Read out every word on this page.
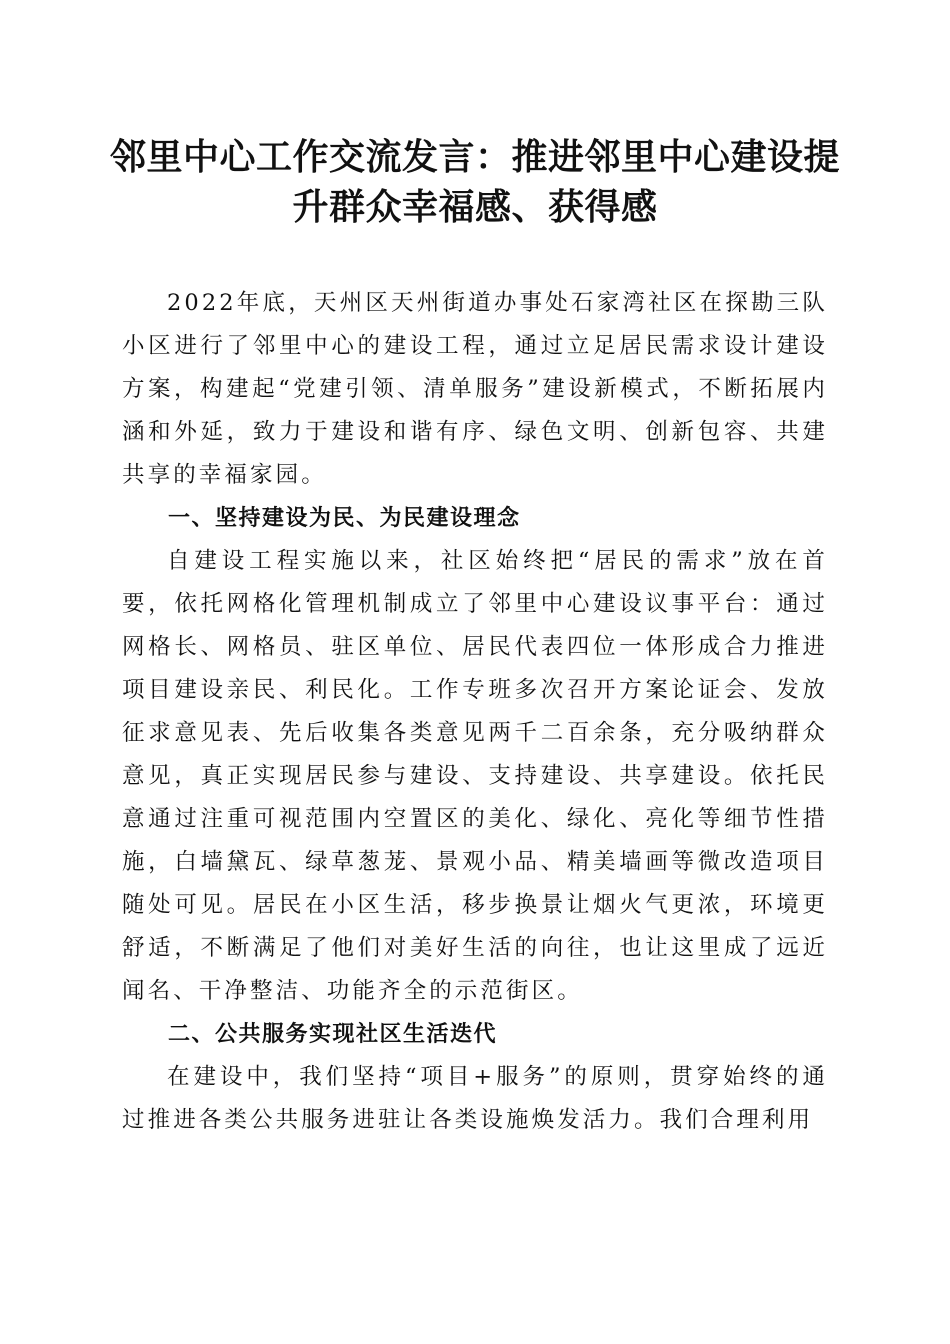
邻里中心工作交流发言：推进邻里中心建设提升群众幸福感、获得感

2022年底，天州区天州街道办事处石家湾社区在探勘三队小区进行了邻里中心的建设工程，通过立足居民需求设计建设方案，构建起“党建引领、清单服务”建设新模式，不断拓展内涵和外延，致力于建设和谐有序、绿色文明、创新包容、共建共享的幸福家园。

一、坚持建设为民、为民建设理念

自建设工程实施以来，社区始终把“居民的需求”放在首要，依托网格化管理机制成立了邻里中心建设议事平台：通过网格长、网格员、驻区单位、居民代表四位一体形成合力推进项目建设亲民、利民化。工作专班多次召开方案论证会、发放征求意见表、先后收集各类意见两千二百余条，充分吸纳群众意见，真正实现居民参与建设、支持建设、共享建设。依托民意通过注重可视范围内空置区的美化、绿化、亮化等细节性措施，白墙黛瓦、绿草葱茏、景观小品、精美墙画等微改造项目随处可见。居民在小区生活，移步换景让烟火气更浓，环境更舒适，不断满足了他们对美好生活的向往，也让这里成了远近闻名、干净整洁、功能齐全的示范街区。

二、公共服务实现社区生活迭代

在建设中，我们坚持“项目+服务”的原则，贯穿始终的通过推进各类公共服务进驻让各类设施焕发活力。我们合理利用
